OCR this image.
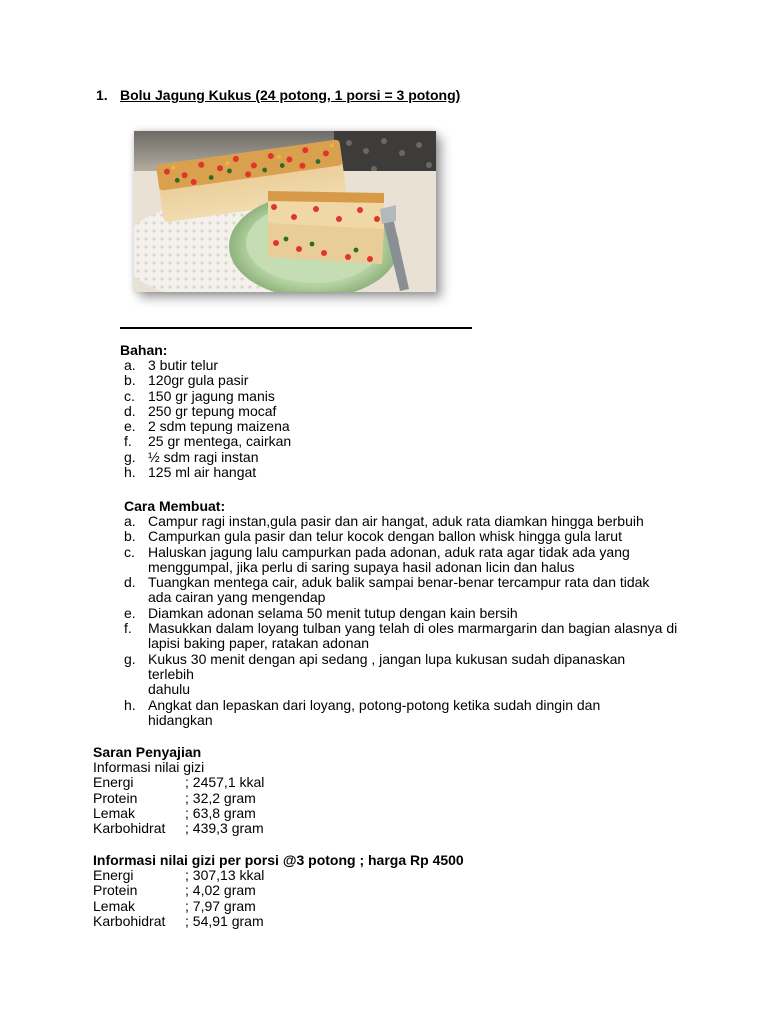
1. Bolu Jagung Kukus (24 potong, 1 porsi = 3 potong)
Bahan:
a. 3 butir telur
b. 120gr gula pasir
c. 150 gr jagung manis
d. 250 gr tepung mocaf
e. 2 sdm tepung maizena
f. 25 gr mentega, cairkan
g. ½ sdm ragi instan
h. 125 ml air hangat
Cara Membuat:
a. Campur ragi instan,gula pasir dan air hangat, aduk rata diamkan hingga berbuih
b. Campurkan gula pasir dan telur kocok dengan ballon whisk hingga gula larut
c. Haluskan jagung lalu campurkan pada adonan, aduk rata agar tidak ada yang menggumpal, jika perlu di saring supaya hasil adonan licin dan halus
d. Tuangkan mentega cair, aduk balik sampai benar-benar tercampur rata dan tidak ada cairan yang mengendap
e. Diamkan adonan selama 50 menit tutup dengan kain bersih
f. Masukkan dalam loyang tulban yang telah di oles marmargarin dan bagian alasnya di lapisi baking paper, ratakan adonan
g. Kukus 30 menit dengan api sedang , jangan lupa kukusan sudah dipanaskan terlebih
dahulu
h. Angkat dan lepaskan dari loyang, potong-potong ketika sudah dingin dan hidangkan
Saran Penyajian
Informasi nilai gizi
Energi	; 2457,1 kkal
Protein	; 32,2 gram
Lemak	; 63,8 gram
Karbohidrat ; 439,3 gram
Informasi nilai gizi per porsi @3 potong ; harga Rp 4500
Energi	; 307,13 kkal
Protein	; 4,02 gram
Lemak	; 7,97 gram
Karbohidrat ; 54,91 gram
